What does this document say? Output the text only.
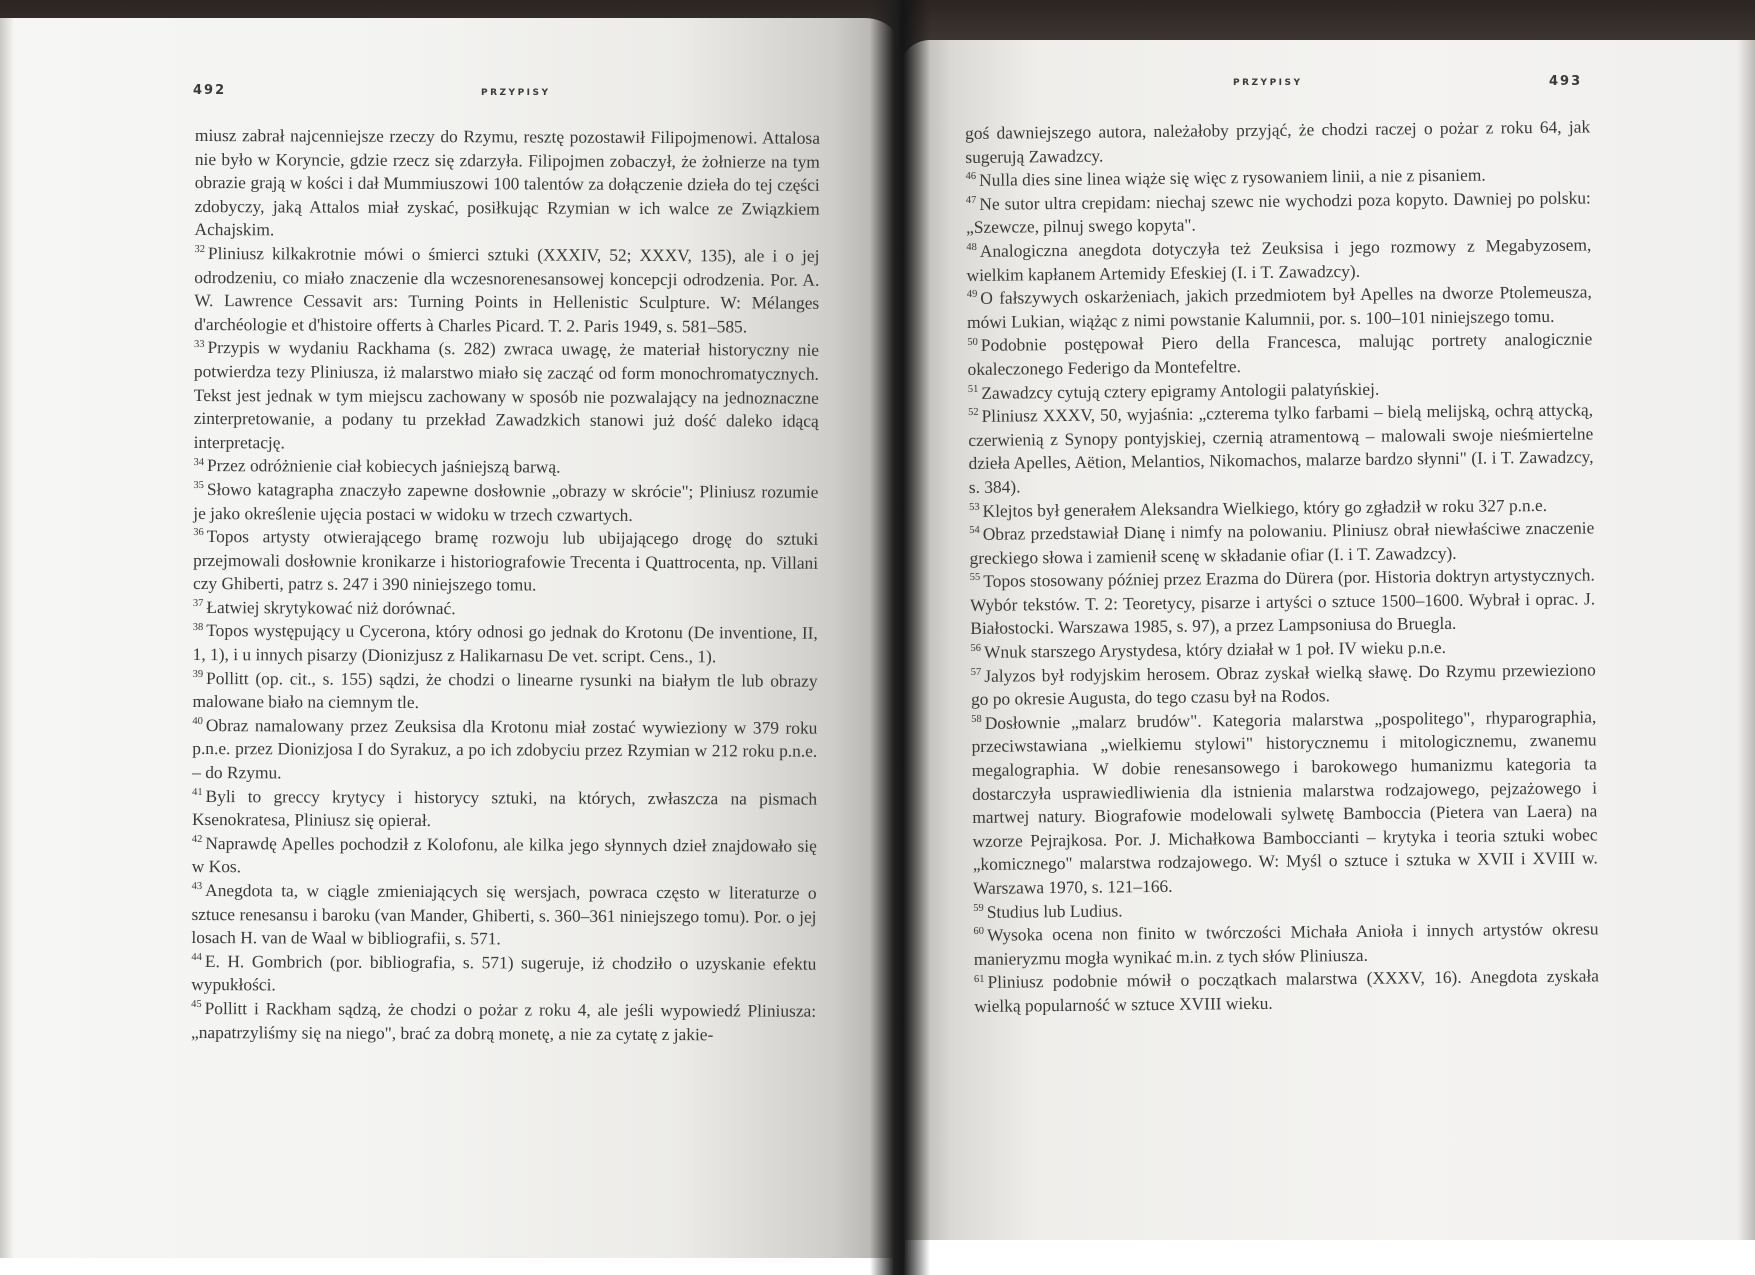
492	PRZYPISY
PRZYPISY	493

miusz zabrał najcenniejsze rzeczy do Rzymu, resztę pozostawił Filipojmenowi. Attalosa nie było w Koryncie, gdzie rzecz się zdarzyła. Filipojmen zobaczył, że żołnierze na tym obrazie grają w kości i dał Mummiuszowi 100 talentów za dołączenie dzieła do tej części zdobyczy, jaką Attalos miał zyskać, posiłkując Rzymian w ich walce ze Związkiem Achajskim.

$^{32}$ Pliniusz kilkakrotnie mówi o śmierci sztuki (XXXIV, 52; XXXV, 135), ale i o jej odrodzeniu, co miało znaczenie dla wczesnorenesansowej koncepcji odrodzenia. Por. A. W. Lawrence Cessavit ars: Turning Points in Hellenistic Sculpture. W: Mélanges d'archéologie et d'histoire offerts à Charles Picard. T. 2. Paris 1949, s. 581–585.

$^{33}$ Przypis w wydaniu Rackhama (s. 282) zwraca uwagę, że materiał historyczny nie potwierdza tezy Pliniusza, iż malarstwo miało się zacząć od form monochromatycznych. Tekst jest jednak w tym miejscu zachowany w sposób nie pozwalający na jednoznaczne zinterpretowanie, a podany tu przekład Zawadzkich stanowi już dość daleko idącą interpretację.

$^{34}$ Przez odróżnienie ciał kobiecych jaśniejszą barwą.

$^{35}$ Słowo katagrapha znaczyło zapewne dosłownie „obrazy w skrócie"; Pliniusz rozumie je jako określenie ujęcia postaci w widoku w trzech czwartych.

$^{36}$ Topos artysty otwierającego bramę rozwoju lub ubijającego drogę do sztuki przejmowali dosłownie kronikarze i historiografowie Trecenta i Quattrocenta, np. Villani czy Ghiberti, patrz s. 247 i 390 niniejszego tomu.

$^{37}$ Łatwiej skrytykować niż dorównać.

$^{38}$ Topos występujący u Cycerona, który odnosi go jednak do Krotonu (De inventione, II, 1, 1), i u innych pisarzy (Dionizjusz z Halikarnasu De vet. script. Cens., 1).

$^{39}$ Pollitt (op. cit., s. 155) sądzi, że chodzi o linearne rysunki na białym tle lub obrazy malowane biało na ciemnym tle.

$^{40}$ Obraz namalowany przez Zeuksisa dla Krotonu miał zostać wywieziony w 379 roku p.n.e. przez Dionizjosa I do Syrakuz, a po ich zdobyciu przez Rzymian w 212 roku p.n.e. – do Rzymu.

$^{41}$ Byli to greccy krytycy i historycy sztuki, na których, zwłaszcza na pismach Ksenokratesa, Pliniusz się opierał.

$^{42}$ Naprawdę Apelles pochodził z Kolofonu, ale kilka jego słynnych dzieł znajdowało się w Kos.

$^{43}$ Anegdota ta, w ciągle zmieniających się wersjach, powraca często w literaturze o sztuce renesansu i baroku (van Mander, Ghiberti, s. 360–361 niniejszego tomu). Por. o jej losach H. van de Waal w bibliografii, s. 571.

$^{44}$ E. H. Gombrich (por. bibliografia, s. 571) sugeruje, iż chodziło o uzyskanie efektu wypukłości.

$^{45}$ Pollitt i Rackham sądzą, że chodzi o pożar z roku 4, ale jeśli wypowiedź Pliniusza: „napatrzyliśmy się na niego", brać za dobrą monetę, a nie za cytatę z jakie-

goś dawniejszego autora, należałoby przyjąć, że chodzi raczej o pożar z roku 64, jak sugerują Zawadzcy.

$^{46}$ Nulla dies sine linea wiąże się więc z rysowaniem linii, a nie z pisaniem.

$^{47}$ Ne sutor ultra crepidam: niechaj szewc nie wychodzi poza kopyto. Dawniej po polsku: „Szewcze, pilnuj swego kopyta".

$^{48}$ Analogiczna anegdota dotyczyła też Zeuksisa i jego rozmowy z Megabyzosem, wielkim kapłanem Artemidy Efeskiej (I. i T. Zawadzcy).

$^{49}$ O fałszywych oskarżeniach, jakich przedmiotem był Apelles na dworze Ptolemeusza, mówi Lukian, wiążąc z nimi powstanie Kalumnii, por. s. 100–101 niniejszego tomu.

$^{50}$ Podobnie postępował Piero della Francesca, malując portrety analogicznie okaleczonego Federigo da Montefeltre.

$^{51}$ Zawadzcy cytują cztery epigramy Antologii palatyńskiej.

$^{52}$ Pliniusz XXXV, 50, wyjaśnia: „czterema tylko farbami – bielą melijską, ochrą attycką, czerwienią z Synopy pontyjskiej, czernią atramentową – malowali swoje nieśmiertelne dzieła Apelles, Aëtion, Melantios, Nikomachos, malarze bardzo słynni" (I. i T. Zawadzcy, s. 384).

$^{53}$ Klejtos był generałem Aleksandra Wielkiego, który go zgładził w roku 327 p.n.e.

$^{54}$ Obraz przedstawiał Dianę i nimfy na polowaniu. Pliniusz obrał niewłaściwe znaczenie greckiego słowa i zamienił scenę w składanie ofiar (I. i T. Zawadzcy).

$^{55}$ Topos stosowany później przez Erazma do Dürera (por. Historia doktryn artystycznych. Wybór tekstów. T. 2: Teoretycy, pisarze i artyści o sztuce 1500–1600. Wybrał i oprac. J. Białostocki. Warszawa 1985, s. 97), a przez Lampsoniusa do Bruegla.

$^{56}$ Wnuk starszego Arystydesa, który działał w 1 poł. IV wieku p.n.e.

$^{57}$ Jalyzos był rodyjskim herosem. Obraz zyskał wielką sławę. Do Rzymu przewieziono go po okresie Augusta, do tego czasu był na Rodos.

$^{58}$ Dosłownie „malarz brudów". Kategoria malarstwa „pospolitego", rhyparographia, przeciwstawiana „wielkiemu stylowi" historycznemu i mitologicznemu, zwanemu megalographia. W dobie renesansowego i barokowego humanizmu kategoria ta dostarczyła usprawiedliwienia dla istnienia malarstwa rodzajowego, pejzażowego i martwej natury. Biografowie modelowali sylwetę Bamboccia (Pietera van Laera) na wzorze Pejrajkosa. Por. J. Michałkowa Bamboccianti – krytyka i teoria sztuki wobec „komicznego" malarstwa rodzajowego. W: Myśl o sztuce i sztuka w XVII i XVIII w. Warszawa 1970, s. 121–166.

$^{59}$ Studius lub Ludius.

$^{60}$ Wysoka ocena non finito w twórczości Michała Anioła i innych artystów okresu manieryzmu mogła wynikać m.in. z tych słów Pliniusza.

$^{61}$ Pliniusz podobnie mówił o początkach malarstwa (XXXV, 16). Anegdota zyskała wielką popularność w sztuce XVIII wieku.
